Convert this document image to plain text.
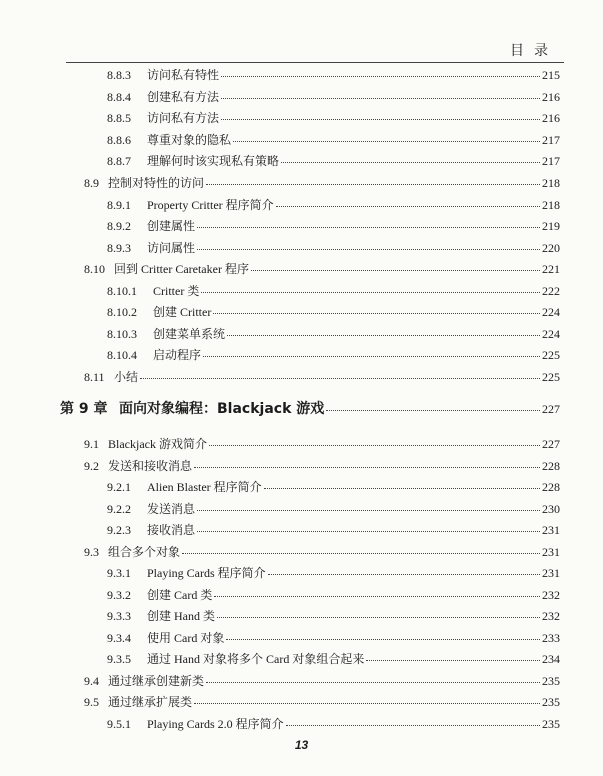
目录
8.8.3	访问私有特性	215
8.8.4	创建私有方法	216
8.8.5	访问私有方法	216
8.8.6	尊重对象的隐私	217
8.8.7	理解何时该实现私有策略	217
8.9 控制对特性的访问	218
8.9.1	Property Critter 程序简介	218
8.9.2	创建属性	219
8.9.3	访问属性	220
8.10 回到 Critter Caretaker 程序	221
8.10.1	Critter 类	222
8.10.2	创建 Critter	224
8.10.3	创建菜单系统	224
8.10.4	启动程序	225
8.11 小结	225
第 9 章 面向对象编程：Blackjack 游戏	227
9.1 Blackjack 游戏简介	227
9.2 发送和接收消息	228
9.2.1	Alien Blaster 程序简介	228
9.2.2	发送消息	230
9.2.3	接收消息	231
9.3 组合多个对象	231
9.3.1	Playing Cards 程序简介	231
9.3.2	创建 Card 类	232
9.3.3	创建 Hand 类	232
9.3.4	使用 Card 对象	233
9.3.5	通过 Hand 对象将多个 Card 对象组合起来	234
9.4 通过继承创建新类	235
9.5 通过继承扩展类	235
9.5.1	Playing Cards 2.0 程序简介	235
13
